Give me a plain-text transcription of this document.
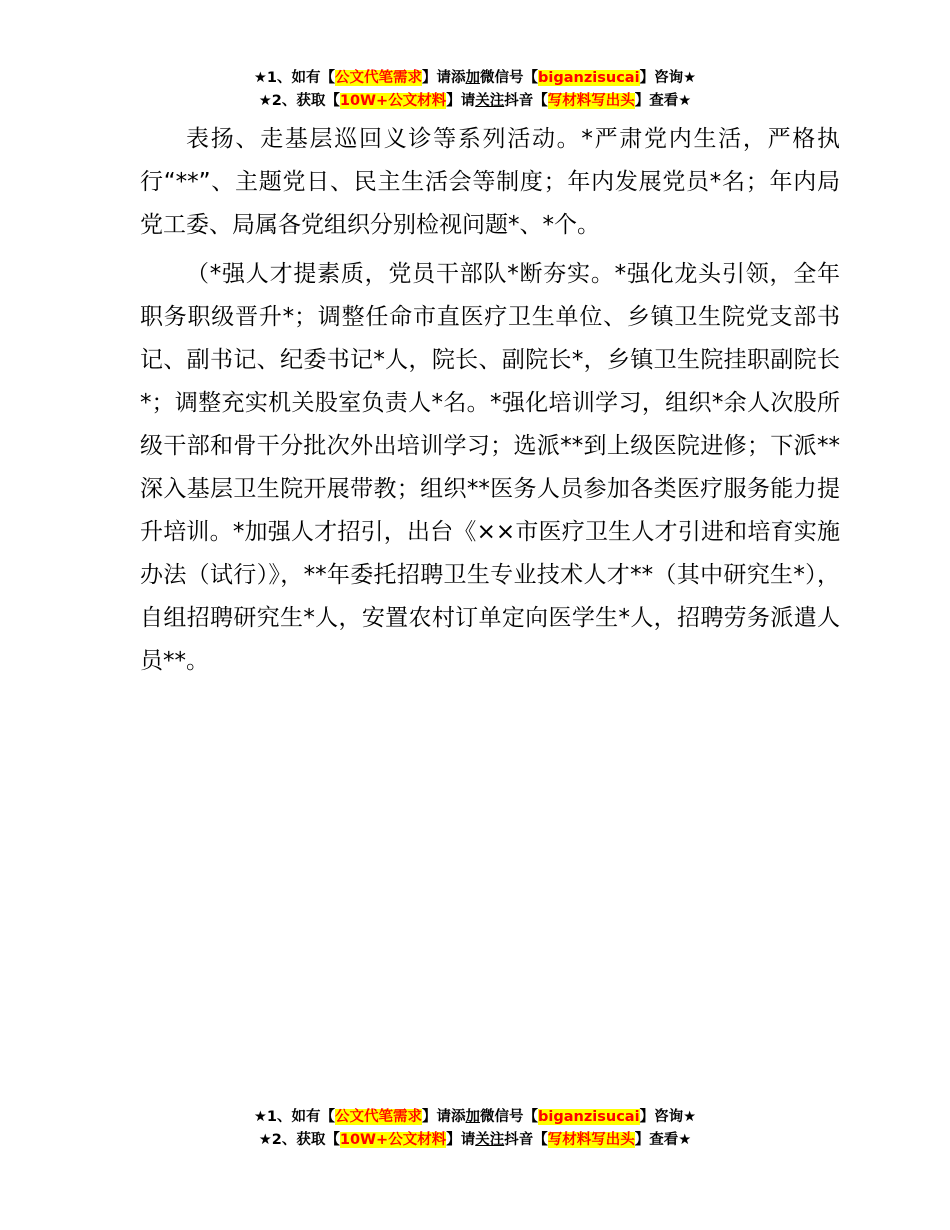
★1、如有【公文代笔需求】请添加微信号【biganzisucai】咨询★
★2、获取【10W+公文材料】请关注抖音【写材料写出头】查看★

表扬、走基层巡回义诊等系列活动。*严肃党内生活，严格执行“**”、主题党日、民主生活会等制度；年内发展党员*名；年内局党工委、局属各党组织分别检视问题*、*个。

（*强人才提素质，党员干部队*断夯实。*强化龙头引领，全年职务职级晋升*；调整任命市直医疗卫生单位、乡镇卫生院党支部书记、副书记、纪委书记*人，院长、副院长*，乡镇卫生院挂职副院长*；调整充实机关股室负责人*名。*强化培训学习，组织*余人次股所级干部和骨干分批次外出培训学习；选派**到上级医院进修；下派**深入基层卫生院开展带教；组织**医务人员参加各类医疗服务能力提升培训。*加强人才招引，出台《××市医疗卫生人才引进和培育实施办法（试行）》，**年委托招聘卫生专业技术人才**（其中研究生*），自组招聘研究生*人，安置农村订单定向医学生*人，招聘劳务派遣人员**。

★1、如有【公文代笔需求】请添加微信号【biganzisucai】咨询★
★2、获取【10W+公文材料】请关注抖音【写材料写出头】查看★
